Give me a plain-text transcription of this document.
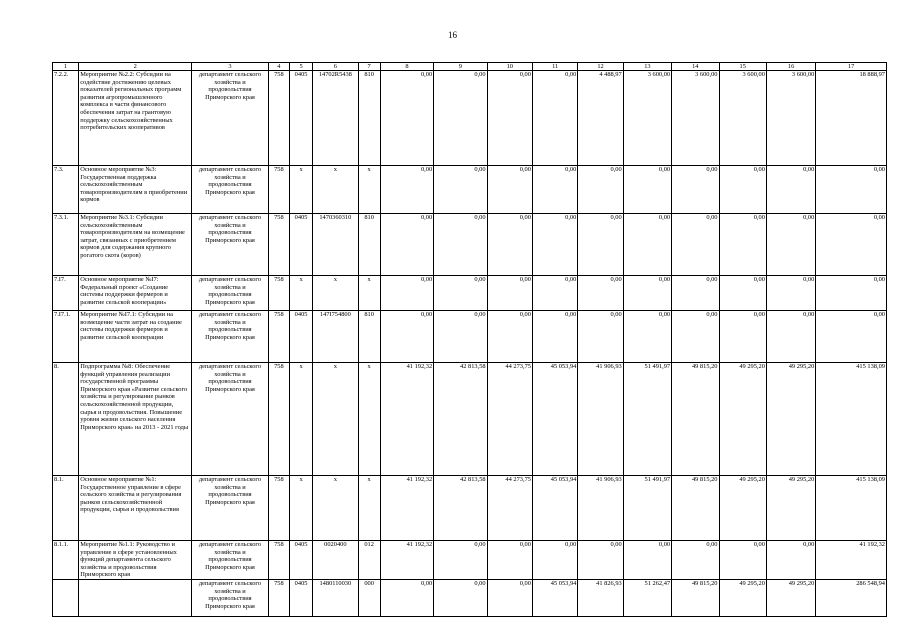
16
1	2	3	4	5	6	7	8	9	10	11	12	13	14	15	16	17
7.2.2.	Мероприятие №2.2: Субсидии на содействие достижению целевых показателей региональных программ развития агропромышленного комплекса в части финансового обеспечения затрат на грантовую поддержку сельскохозяйственных потребительских кооперативов	департамент сельского хозяйства и продовольствия Приморского края	758	0405	14702R5438	810	0,00	0,00	0,00	0,00	4 488,97	3 600,00	3 600,00	3 600,00	3 600,00	18 888,97
7.3.	Основное мероприятие №3: Государственная поддержка сельскохозяйственным товаропроизводителям в приобретении кормов	департамент сельского хозяйства и продовольствия Приморского края	758	х	х	х	0,00	0,00	0,00	0,00	0,00	0,00	0,00	0,00	0,00	0,00
7.3.1.	Мероприятие №3.1: Субсидии сельскохозяйственным товаропроизводителям на возмещение затрат, связанных с приобретением кормов для содержания крупного рогатого скота (коров)	департамент сельского хозяйства и продовольствия Приморского края	758	0405	1470360310	810	0,00	0,00	0,00	0,00	0,00	0,00	0,00	0,00	0,00	0,00
7.I7.	Основное мероприятие №I7: Федеральный проект «Создание системы поддержки фермеров и развитие сельской кооперации»	департамент сельского хозяйства и продовольствия Приморского края	758	х	х	х	0,00	0,00	0,00	0,00	0,00	0,00	0,00	0,00	0,00	0,00
7.I7.1.	Мероприятие №I7.1: Субсидии на возмещение части затрат на создание системы поддержки фермеров и развитие сельской кооперации	департамент сельского хозяйства и продовольствия Приморского края	758	0405	147I754800	810	0,00	0,00	0,00	0,00	0,00	0,00	0,00	0,00	0,00	0,00
8.	Подпрограмма №8: Обеспечение функций управления реализации государственной программы Приморского края «Развитие сельского хозяйства и регулирование рынков сельскохозяйственной продукции, сырья и продовольствия. Повышение уровня жизни сельского населения Приморского края» на 2013 - 2021 годы	департамент сельского хозяйства и продовольствия Приморского края	758	х	х	х	41 192,32	42 813,58	44 273,75	45 053,94	41 906,93	51 491,97	49 815,20	49 295,20	49 295,20	415 138,09
8.1.	Основное мероприятие №1: Государственное управление в сфере сельского хозяйства и регулирования рынков сельскохозяйственной продукции, сырья и продовольствия	департамент сельского хозяйства и продовольствия Приморского края	758	х	х	х	41 192,32	42 813,58	44 273,75	45 053,94	41 906,93	51 491,97	49 815,20	49 295,20	49 295,20	415 138,09
8.1.1.	Мероприятие №1.1: Руководство и управление в сфере установленных функций департамента сельского хозяйства и продовольствия Приморского края	департамент сельского хозяйства и продовольствия Приморского края	758	0405	0020400	012	41 192,32	0,00	0,00	0,00	0,00	0,00	0,00	0,00	0,00	41 192,32
		департамент сельского хозяйства и продовольствия Приморского края	758	0405	1480110030	000	0,00	0,00	0,00	45 053,94	41 826,93	51 262,47	49 815,20	49 295,20	49 295,20	286 548,94
